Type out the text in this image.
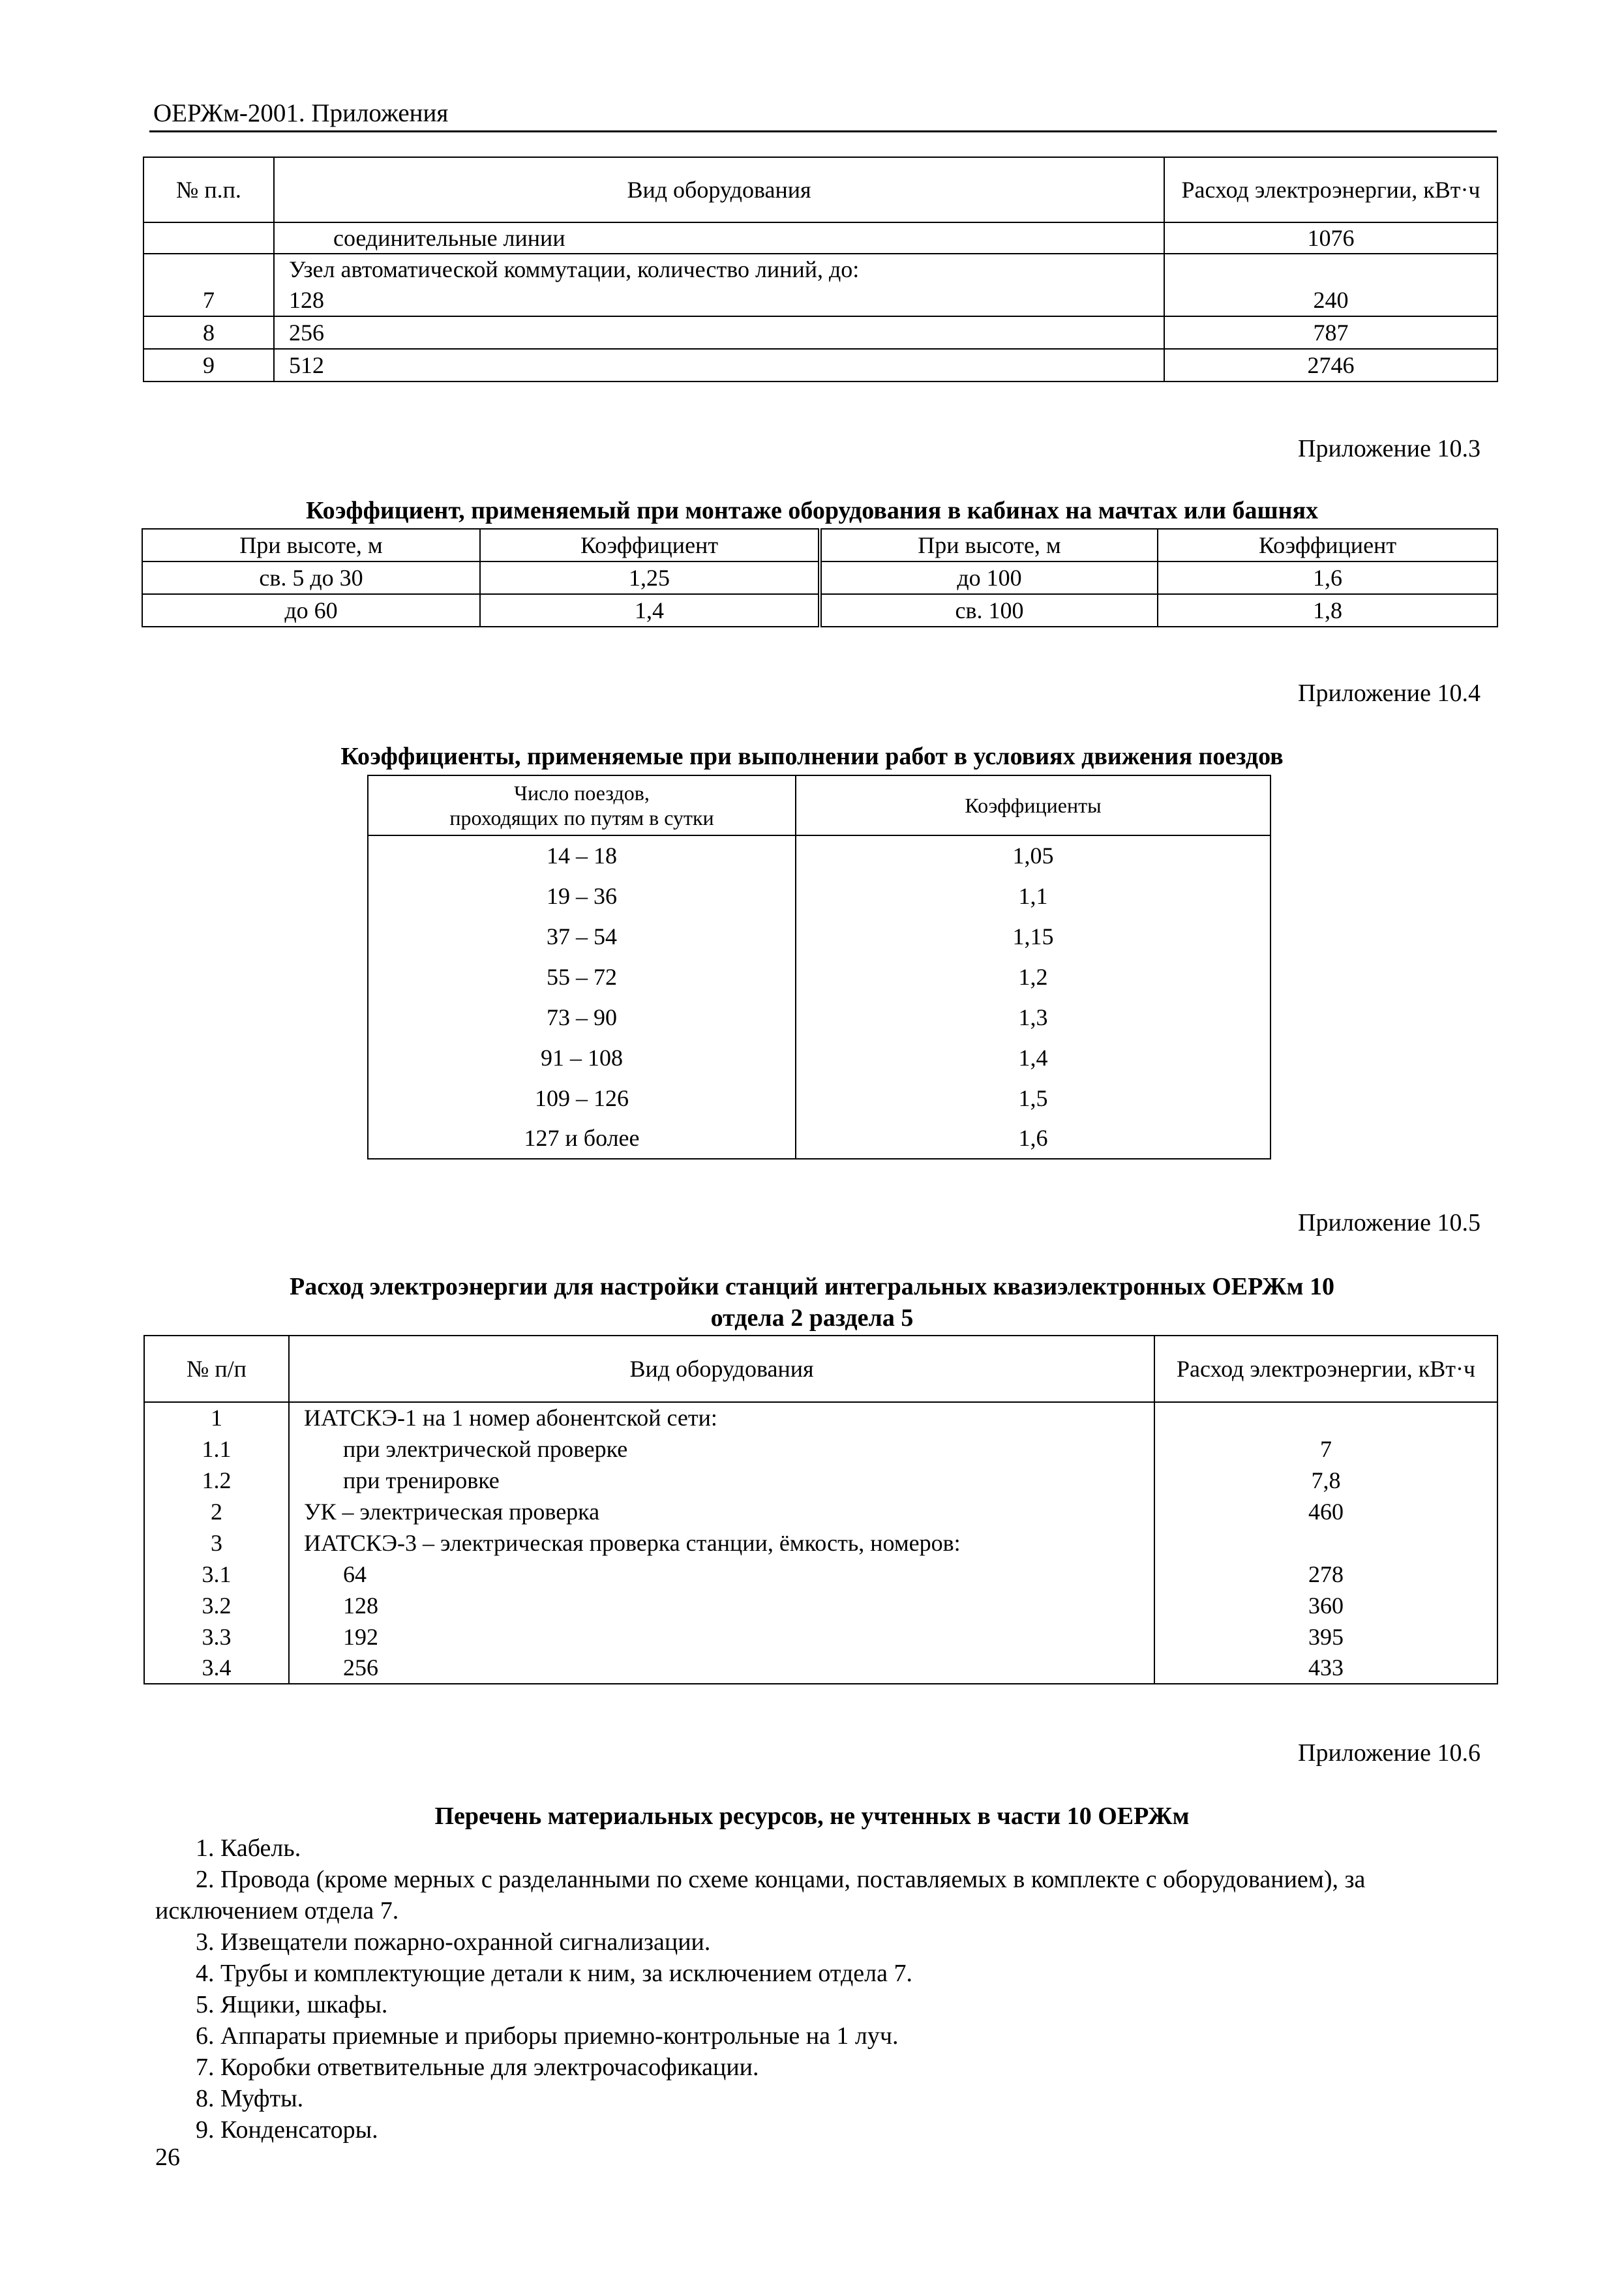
ОЕРЖм-2001. Приложения
№ п.п.	Вид оборудования	Расход электроэнергии, кВт·ч
	соединительные линии	1076
	Узел автоматической коммутации, количество линий, до:	
7	128	240
8	256	787
9	512	2746
Приложение 10.3
Коэффициент, применяемый при монтаже оборудования в кабинах на мачтах или башнях
При высоте, м	Коэффициент	При высоте, м	Коэффициент
св. 5 до 30	1,25	до 100	1,6
до 60	1,4	св. 100	1,8
Приложение 10.4
Коэффициенты, применяемые при выполнении работ в условиях движения поездов
Число поездов,
проходящих по путям в сутки	Коэффициенты
14 – 18	1,05
19 – 36	1,1
37 – 54	1,15
55 – 72	1,2
73 – 90	1,3
91 – 108	1,4
109 – 126	1,5
127 и более	1,6
Приложение 10.5
Расход электроэнергии для настройки станций интегральных квазиэлектронных ОЕРЖм 10
отдела 2 раздела 5
№ п/п	Вид оборудования	Расход электроэнергии, кВт·ч
1	ИАТСКЭ-1 на 1 номер абонентской сети:	
1.1	при электрической проверке	7
1.2	при тренировке	7,8
2	УК – электрическая проверка	460
3	ИАТСКЭ-3 – электрическая проверка станции, ёмкость, номеров:	
3.1	64	278
3.2	128	360
3.3	192	395
3.4	256	433
Приложение 10.6
Перечень материальных ресурсов, не учтенных в части 10 ОЕРЖм

1. Кабель.

2. Провода (кроме мерных с разделанными по схеме концами, поставляемых в комплекте с оборудованием), за исключением отдела 7.

3. Извещатели пожарно-охранной сигнализации.

4. Трубы и комплектующие детали к ним, за исключением отдела 7.

5. Ящики, шкафы.

6. Аппараты приемные и приборы приемно-контрольные на 1 луч.

7. Коробки ответвительные для электрочасофикации.

8. Муфты.

9. Конденсаторы.

26
